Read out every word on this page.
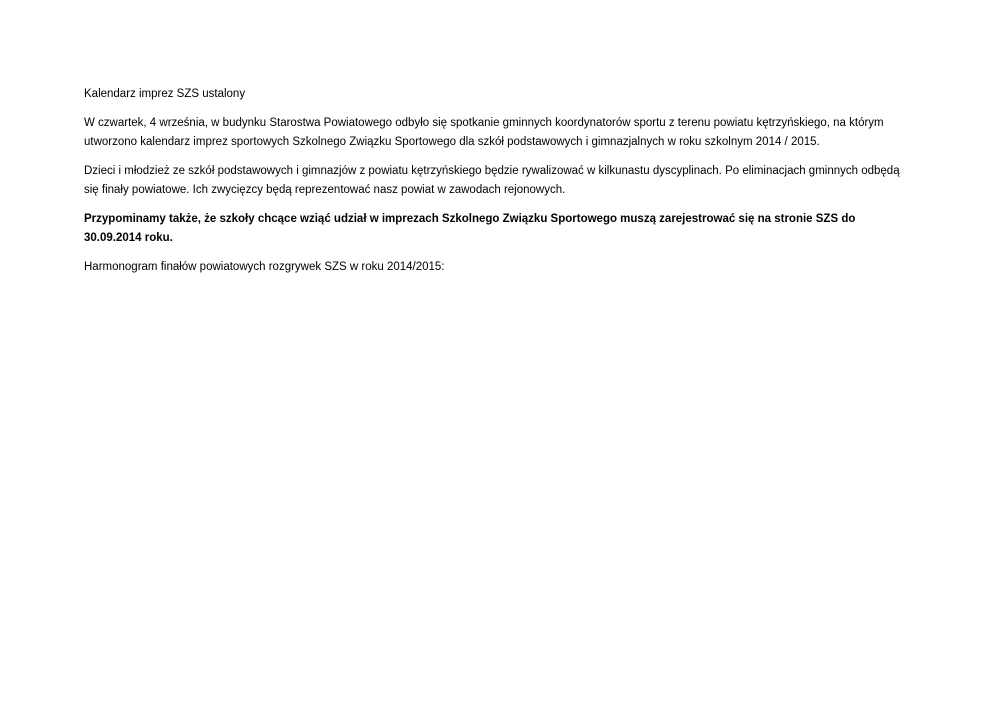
Kalendarz imprez SZS ustalony

W czwartek, 4 września, w budynku Starostwa Powiatowego odbyło się spotkanie gminnych koordynatorów sportu z terenu powiatu kętrzyńskiego, na którym utworzono kalendarz imprez sportowych Szkolnego Związku Sportowego dla szkół podstawowych i gimnazjalnych w roku szkolnym 2014 / 2015.

Dzieci i młodzież ze szkół podstawowych i gimnazjów z powiatu kętrzyńskiego będzie rywalizować w kilkunastu dyscyplinach. Po eliminacjach gminnych odbędą się finały powiatowe. Ich zwycięzcy będą reprezentować nasz powiat w zawodach rejonowych.

Przypominamy także, że szkoły chcące wziąć udział w imprezach Szkolnego Związku Sportowego muszą zarejestrować się na stronie SZS do 30.09.2014 roku.

Harmonogram finałów powiatowych rozgrywek SZS w roku 2014/2015:
